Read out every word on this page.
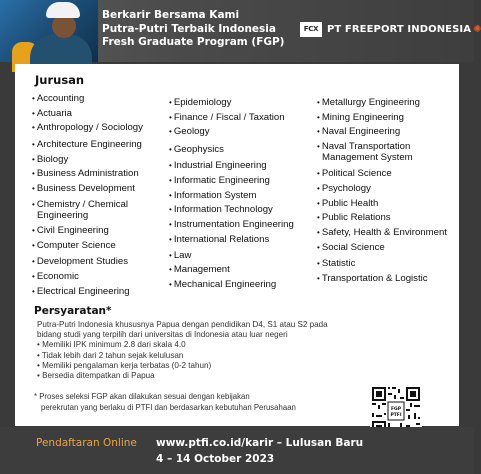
Berkarir Bersama Kami
Putra-Putri Terbaik Indonesia
Fresh Graduate Program (FGP)
FCX PT FREEPORT INDONESIA ✺
Jurusan
• Accounting
• Actuaria
• Anthropology / Sociology
• Architecture Engineering
• Biology
• Business Administration
• Business Development
• Chemistry / Chemical
Engineering
• Civil Engineering
• Computer Science
• Development Studies
• Economic
• Electrical Engineering
• Epidemiology
• Finance / Fiscal / Taxation
• Geology
• Geophysics
• Industrial Engineering
• Informatic Engineering
• Information System
• Information Technology
• Instrumentation Engineering
• International Relations
• Law
• Management
• Mechanical Engineering
• Metallurgy Engineering
• Mining Engineering
• Naval Engineering
• Naval Transportation
Management System
• Political Science
• Psychology
• Public Health
• Public Relations
• Safety, Health & Environment
• Social Science
• Statistic
• Transportation & Logistic
Persyaratan*
Putra-Putri Indonesia khususnya Papua dengan pendidikan D4, S1 atau S2 pada
bidang studi yang terpilih dari universitas di Indonesia atau luar negeri
• Memiliki IPK minimum 2.8 dari skala 4.0
• Tidak lebih dari 2 tahun sejak kelulusan
• Memiliki pengalaman kerja terbatas (0-2 tahun)
• Bersedia ditempatkan di Papua
* Proses seleksi FGP akan dilakukan sesuai dengan kebijakan
perekrutan yang berlaku di PTFI dan berdasarkan kebutuhan Perusahaan	FGP
PTFI
Pendaftaran Online www.ptfi.co.id/karir – Lulusan Baru
4 – 14 October 2023
